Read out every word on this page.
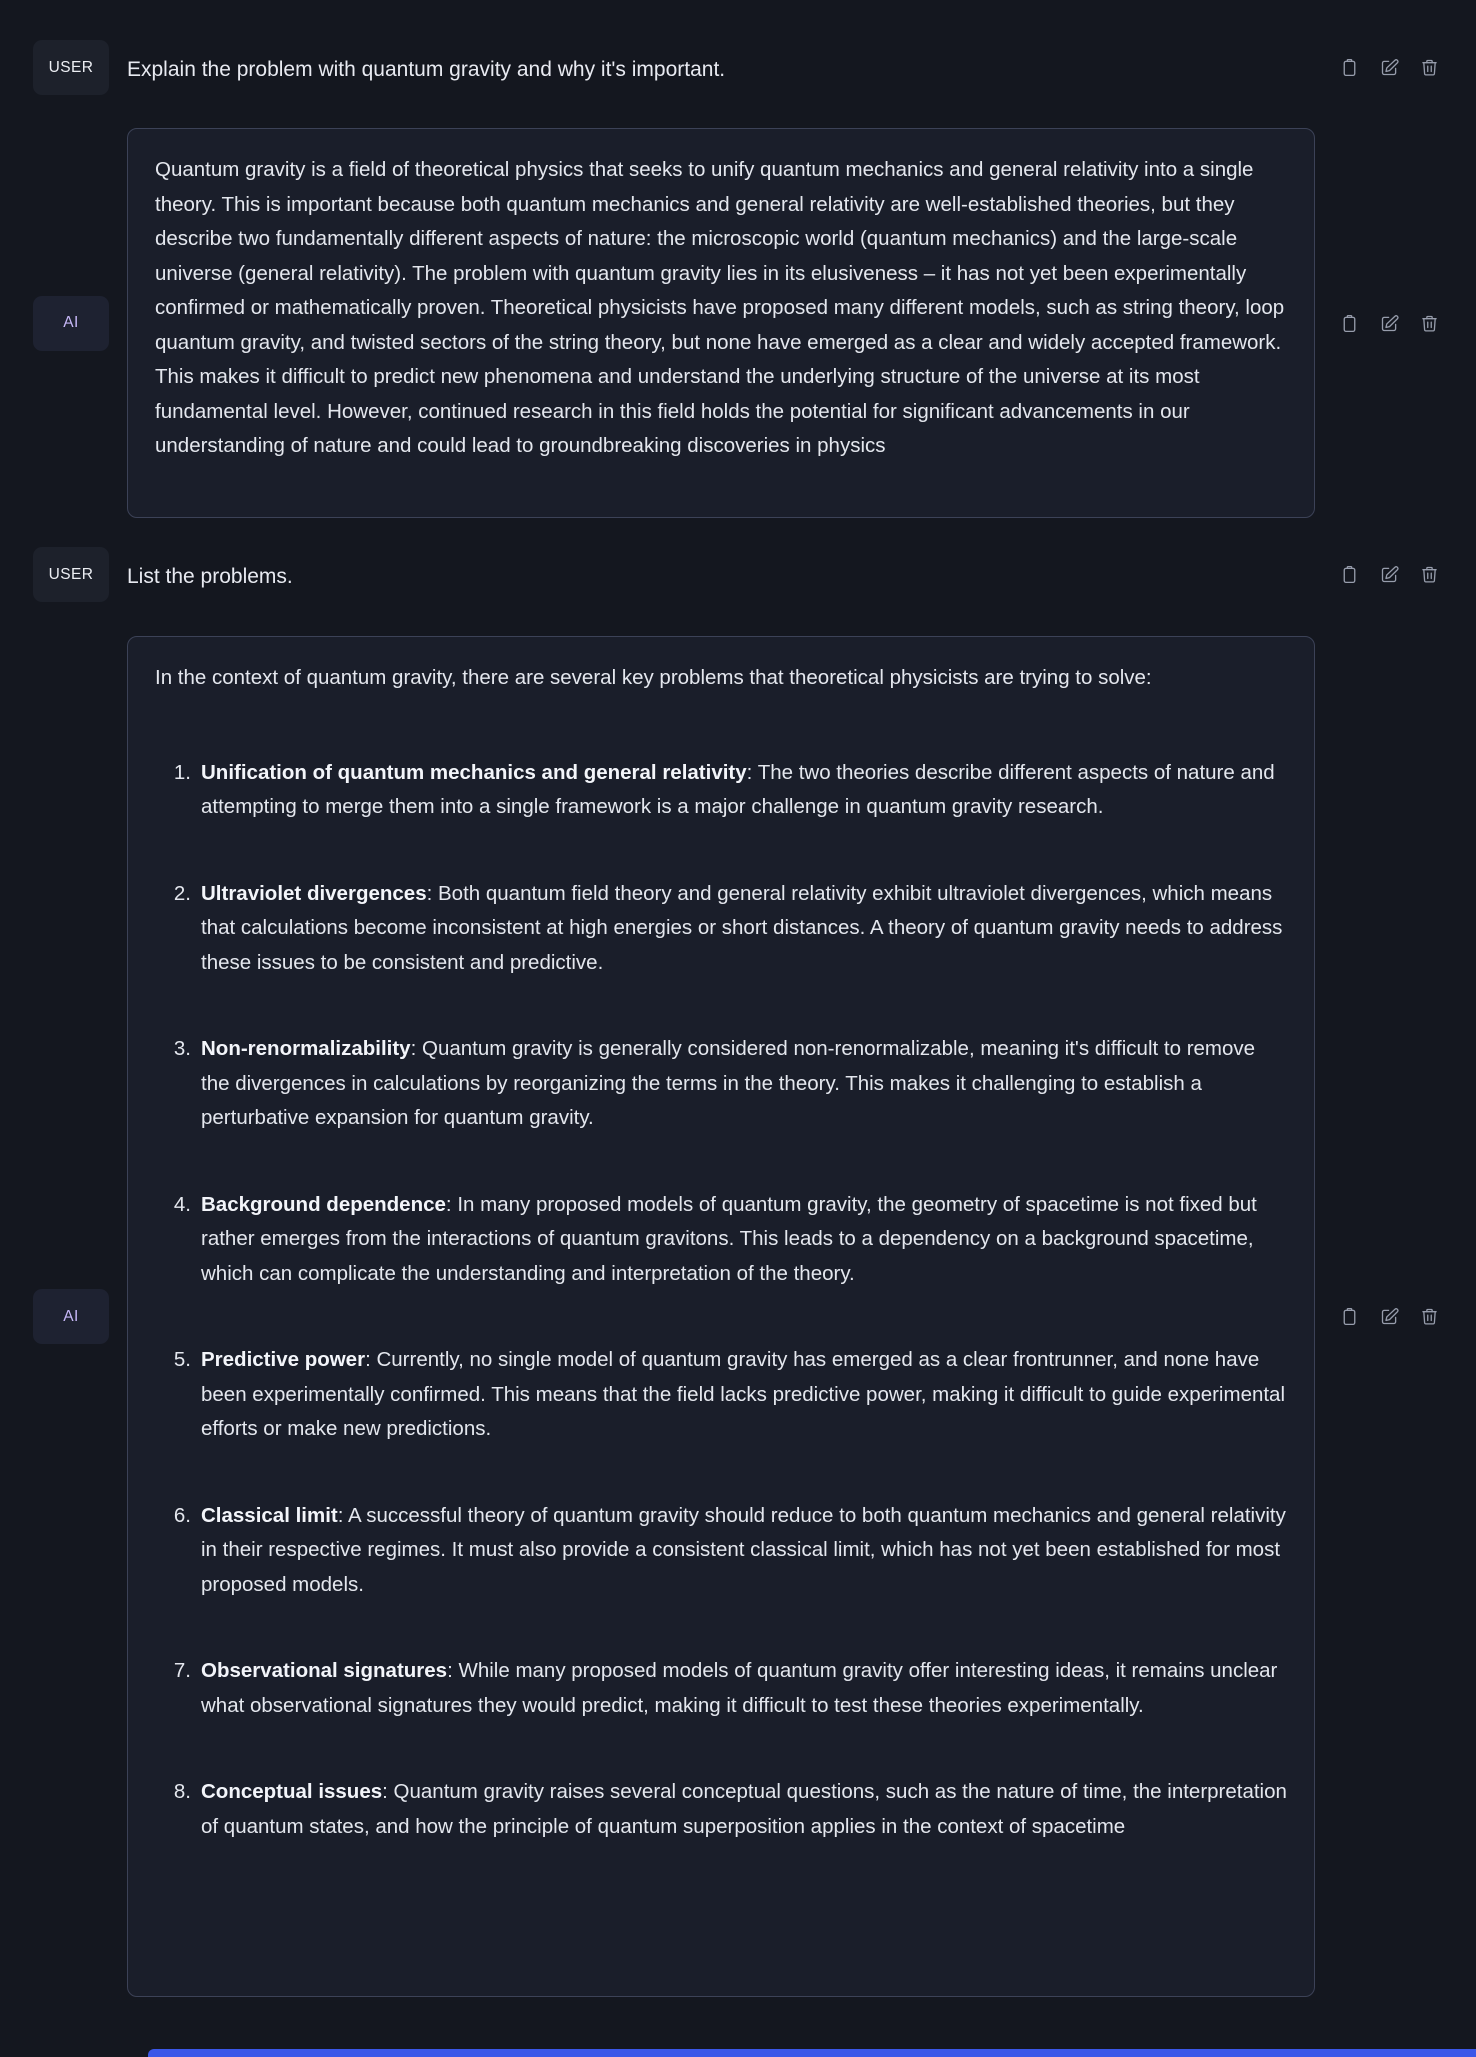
USER	Explain the problem with quantum gravity and why it's important.
AI

Quantum gravity is a field of theoretical physics that seeks to unify quantum mechanics and general relativity into a single theory. This is important because both quantum mechanics and general relativity are well-established theories, but they describe two fundamentally different aspects of nature: the microscopic world (quantum mechanics) and the large-scale universe (general relativity). The problem with quantum gravity lies in its elusiveness – it has not yet been experimentally confirmed or mathematically proven. Theoretical physicists have proposed many different models, such as string theory, loop quantum gravity, and twisted sectors of the string theory, but none have emerged as a clear and widely accepted framework. This makes it difficult to predict new phenomena and understand the underlying structure of the universe at its most fundamental level. However, continued research in this field holds the potential for significant advancements in our understanding of nature and could lead to groundbreaking discoveries in physics

USER	List the problems.
AI

In the context of quantum gravity, there are several key problems that theoretical physicists are trying to solve:

1. Unification of quantum mechanics and general relativity: The two theories describe different aspects of nature and attempting to merge them into a single framework is a major challenge in quantum gravity research.
2. Ultraviolet divergences: Both quantum field theory and general relativity exhibit ultraviolet divergences, which means that calculations become inconsistent at high energies or short distances. A theory of quantum gravity needs to address these issues to be consistent and predictive.
3. Non-renormalizability: Quantum gravity is generally considered non-renormalizable, meaning it's difficult to remove the divergences in calculations by reorganizing the terms in the theory. This makes it challenging to establish a perturbative expansion for quantum gravity.
4. Background dependence: In many proposed models of quantum gravity, the geometry of spacetime is not fixed but rather emerges from the interactions of quantum gravitons. This leads to a dependency on a background spacetime, which can complicate the understanding and interpretation of the theory.
5. Predictive power: Currently, no single model of quantum gravity has emerged as a clear frontrunner, and none have been experimentally confirmed. This means that the field lacks predictive power, making it difficult to guide experimental efforts or make new predictions.
6. Classical limit: A successful theory of quantum gravity should reduce to both quantum mechanics and general relativity in their respective regimes. It must also provide a consistent classical limit, which has not yet been established for most proposed models.
7. Observational signatures: While many proposed models of quantum gravity offer interesting ideas, it remains unclear what observational signatures they would predict, making it difficult to test these theories experimentally.
8. Conceptual issues: Quantum gravity raises several conceptual questions, such as the nature of time, the interpretation of quantum states, and how the principle of quantum superposition applies in the context of spacetime
